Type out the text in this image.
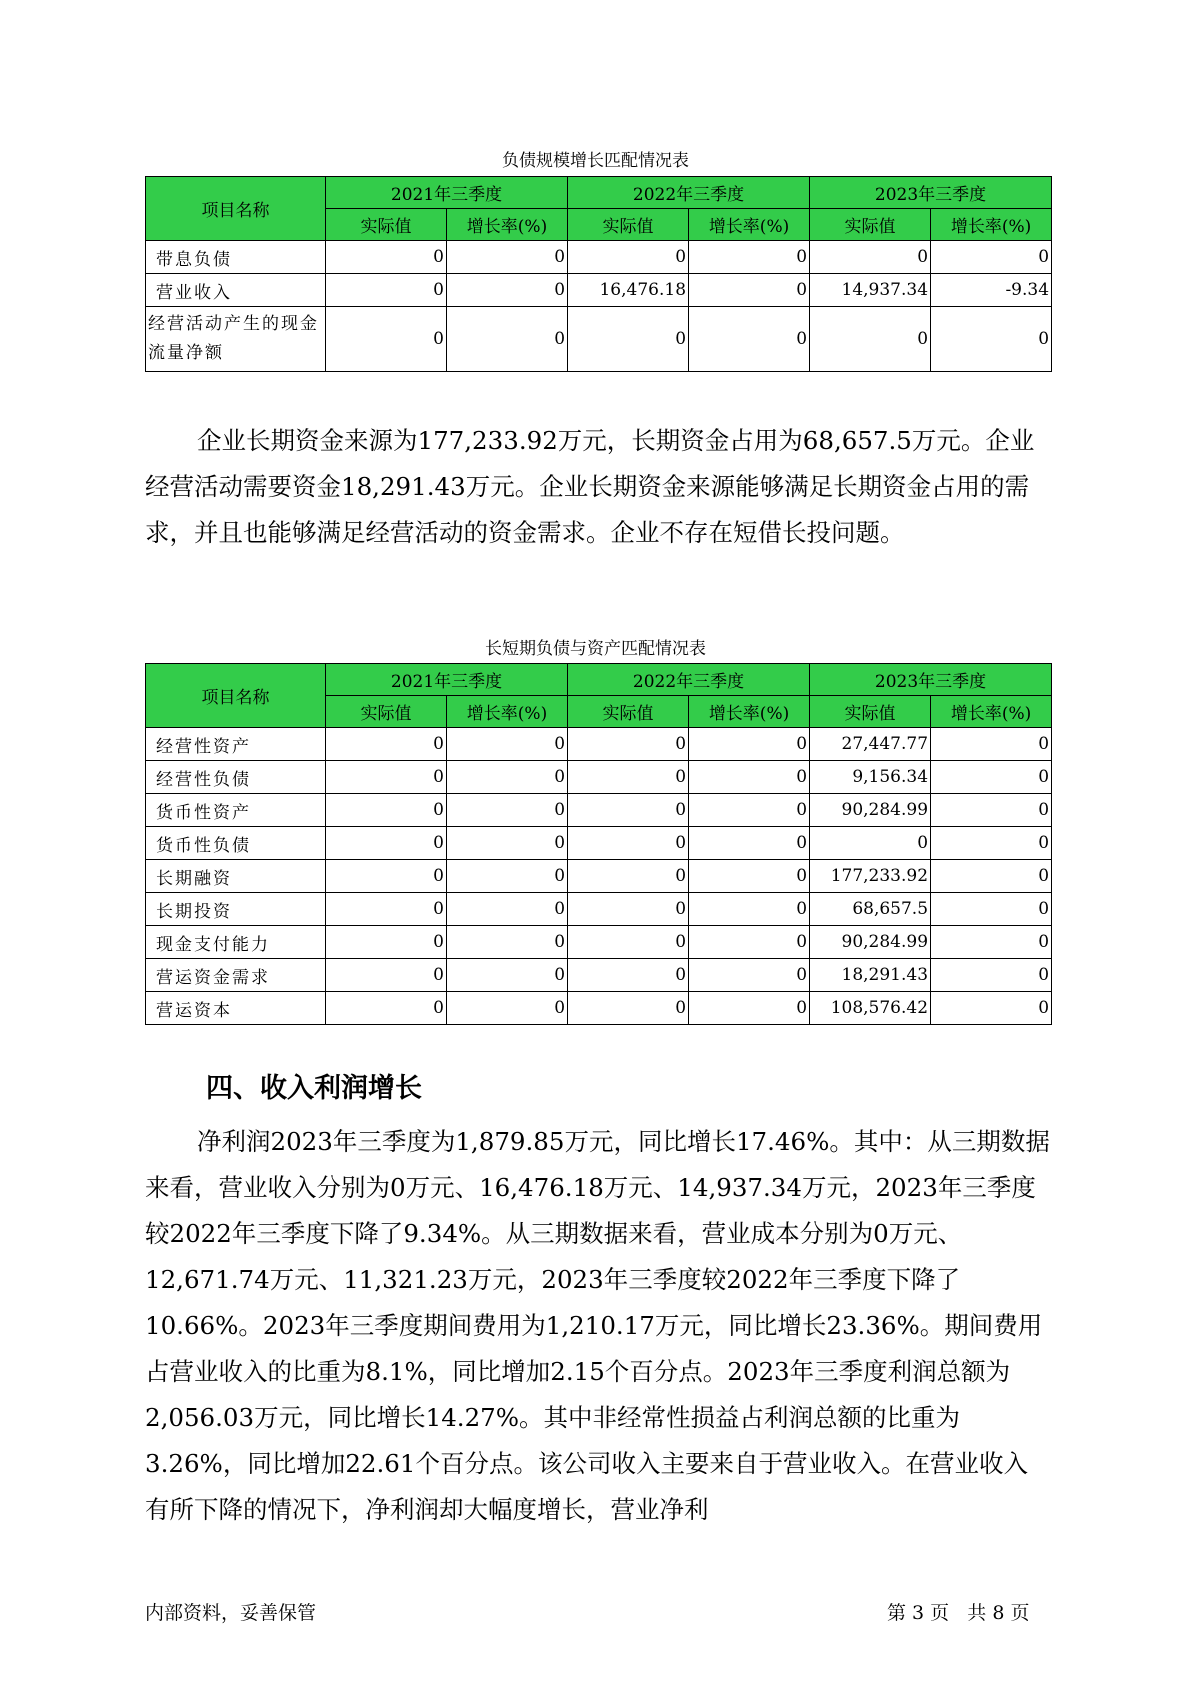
负债规模增长匹配情况表
项目名称	2021年三季度		2022年三季度		2023年三季度	
	实际值	增长率(%)	实际值	增长率(%)	实际值	增长率(%)
带息负债	0	0	0	0	0	0
营业收入	0	0	16,476.18	0	14,937.34	-9.34
经营活动产生的现金流量净额	0	0	0	0	0	0

企业长期资金来源为177,233.92万元，长期资金占用为68,657.5万元。企业经营活动需要资金18,291.43万元。企业长期资金来源能够满足长期资金占用的需求，并且也能够满足经营活动的资金需求。企业不存在短借长投问题。

长短期负债与资产匹配情况表
项目名称	2021年三季度		2022年三季度		2023年三季度	
	实际值	增长率(%)	实际值	增长率(%)	实际值	增长率(%)
经营性资产	0	0	0	0	27,447.77	0
经营性负债	0	0	0	0	9,156.34	0
货币性资产	0	0	0	0	90,284.99	0
货币性负债	0	0	0	0	0	0
长期融资	0	0	0	0	177,233.92	0
长期投资	0	0	0	0	68,657.5	0
现金支付能力	0	0	0	0	90,284.99	0
营运资金需求	0	0	0	0	18,291.43	0
营运资本	0	0	0	0	108,576.42	0
四、收入利润增长

净利润2023年三季度为1,879.85万元，同比增长17.46%。其中：从三期数据来看，营业收入分别为0万元、16,476.18万元、14,937.34万元，2023年三季度较2022年三季度下降了9.34%。从三期数据来看，营业成本分别为0万元、12,671.74万元、11,321.23万元，2023年三季度较2022年三季度下降了10.66%。2023年三季度期间费用为1,210.17万元，同比增长23.36%。期间费用占营业收入的比重为8.1%，同比增加2.15个百分点。2023年三季度利润总额为2,056.03万元，同比增长14.27%。其中非经常性损益占利润总额的比重为3.26%，同比增加22.61个百分点。该公司收入主要来自于营业收入。在营业收入有所下降的情况下，净利润却大幅度增长，营业净利

内部资料，妥善保管	第 3 页   共 8 页
